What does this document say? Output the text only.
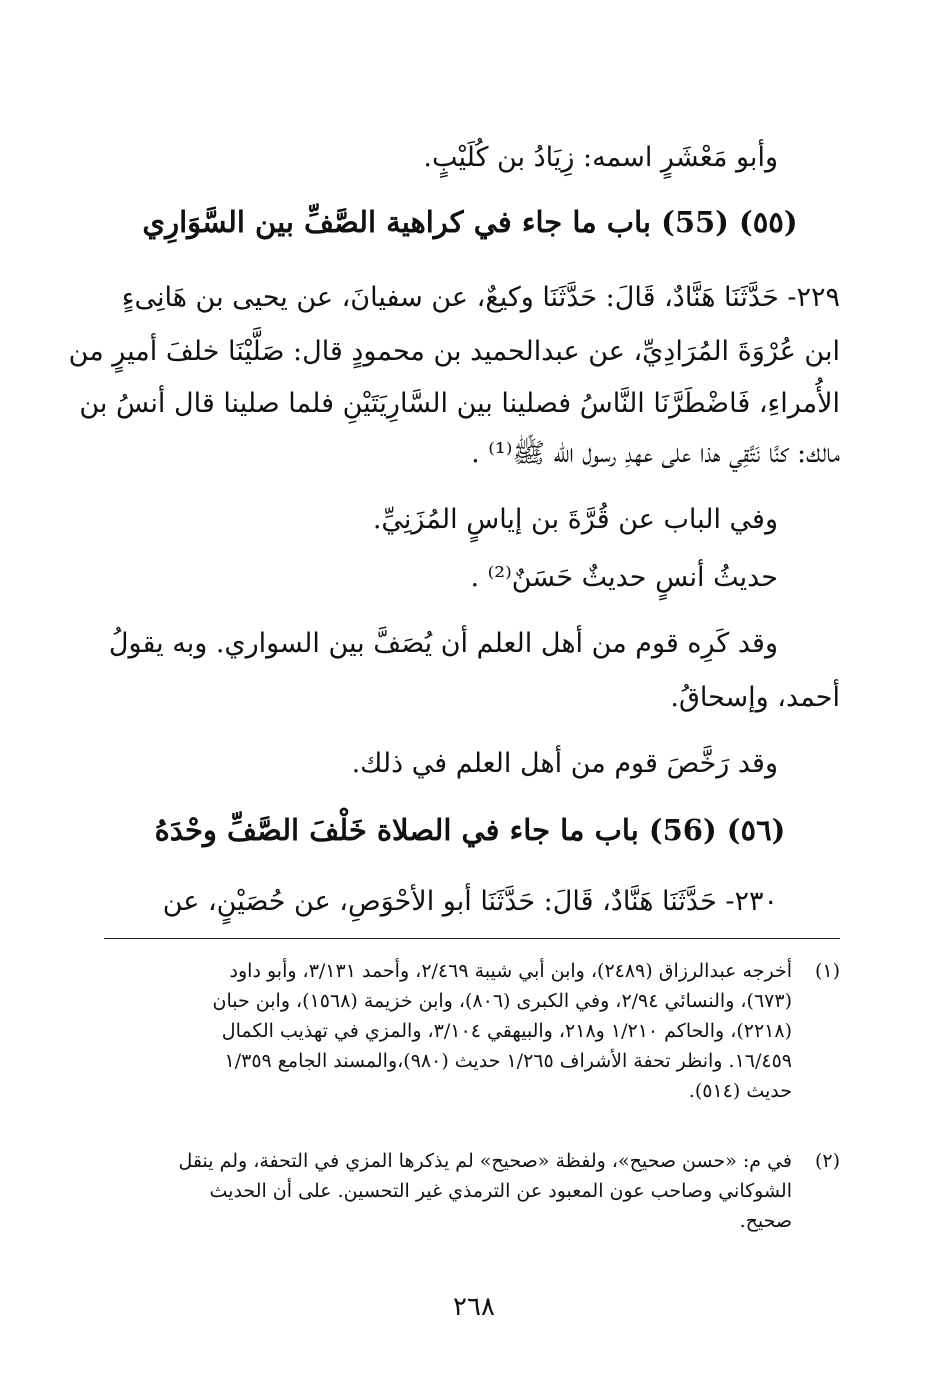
وأبو مَعْشَرٍ اسمه: زِيَادُ بن كُلَيْبٍ.
(٥٥) (55) باب ما جاء في كراهية الصَّفِّ بين السَّوَارِي
٢٢٩- حَدَّثَنَا هَنَّادٌ، قَالَ: حَدَّثَنَا وكيعٌ، عن سفيانَ، عن يحيى بن هَانِىءٍ
ابن عُرْوَةَ المُرَادِيِّ، عن عبدالحميد بن محمودٍ قال: صَلَّيْنَا خلفَ أميرٍ من
الأُمراءِ، فَاضْطَرَّنَا النَّاسُ فصلينا بين السَّارِيَتَيْنِ فلما صلينا قال أنسُ بن
مالك: كنَّا نَتَّقِي هذا على عهدِ رسول الله ﷺ⁽¹⁾ .
وفي الباب عن قُرَّةَ بن إياسٍ المُزَنِيِّ.
حديثُ أنسٍ حديثٌ حَسَنٌ⁽²⁾ .
وقد كَرِه قوم من أهل العلم أن يُصَفَّ بين السواري. وبه يقولُ
أحمد، وإسحاقُ.
وقد رَخَّصَ قوم من أهل العلم في ذلك.
(٥٦) (56) باب ما جاء في الصلاة خَلْفَ الصَّفِّ وحْدَهُ
٢٣٠- حَدَّثَنَا هَنَّادٌ، قَالَ: حَدَّثَنَا أبو الأحْوَصِ، عن حُصَيْنٍ، عن
(١)
أخرجه عبدالرزاق (٢٤٨٩)، وابن أبي شيبة ٢/٤٦٩، وأحمد ٣/١٣١، وأبو داود
(٦٧٣)، والنسائي ٢/٩٤، وفي الكبرى (٨٠٦)، وابن خزيمة (١٥٦٨)، وابن حبان
(٢٢١٨)، والحاكم ١/٢١٠ و٢١٨، والبيهقي ٣/١٠٤، والمزي في تهذيب الكمال
١٦/٤٥٩. وانظر تحفة الأشراف ١/٢٦٥ حديث (٩٨٠)،والمسند الجامع ١/٣٥٩
حديث (٥١٤).
(٢)
في م: «حسن صحيح»، ولفظة «صحيح» لم يذكرها المزي في التحفة، ولم ينقل
الشوكاني وصاحب عون المعبود عن الترمذي غير التحسين. على أن الحديث
صحيح.
٢٦٨
